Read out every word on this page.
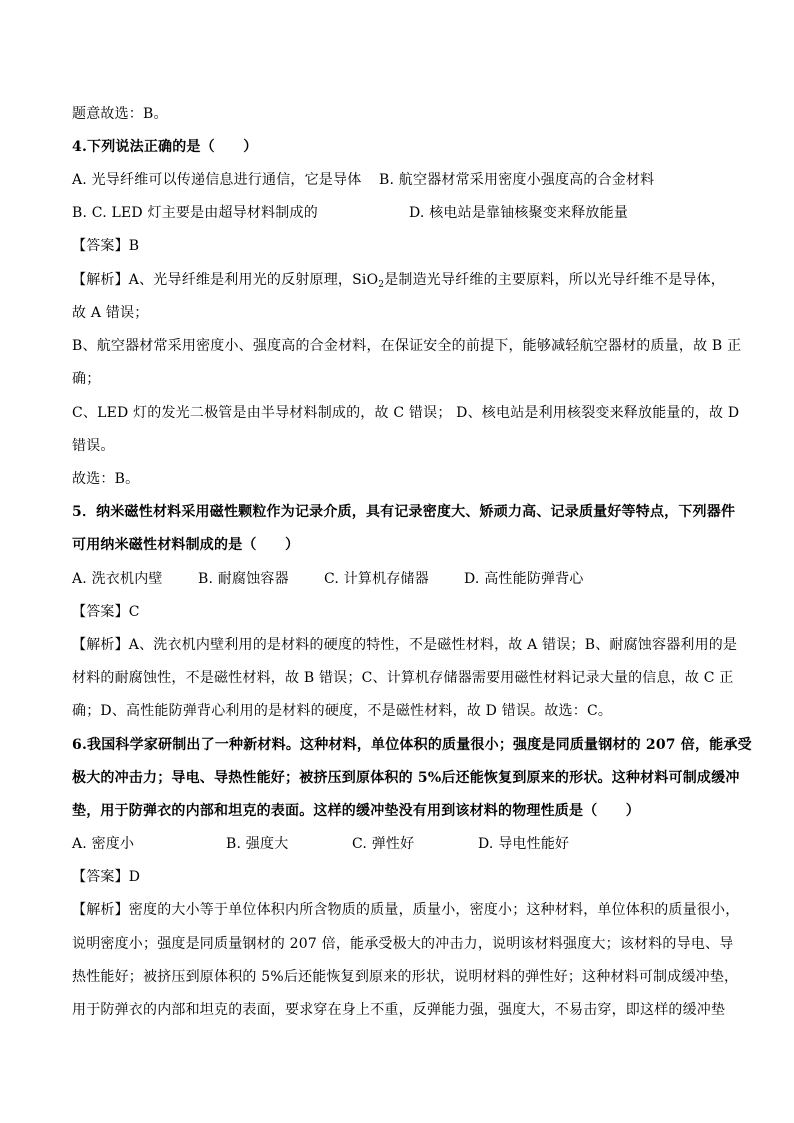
题意故选：B。
4.下列说法正确的是（　　）
A. 光导纤维可以传递信息进行通信，它是导体 B. 航空器材常采用密度小强度高的合金材料
B. C. LED 灯主要是由超导材料制成的	D. 核电站是靠铀核聚变来释放能量
【答案】B
【解析】A、光导纤维是利用光的反射原理，SiO$_2$是制造光导纤维的主要原料，所以光导纤维不是导体，
故 A 错误；
B、航空器材常采用密度小、强度高的合金材料，在保证安全的前提下，能够减轻航空器材的质量，故 B 正
确；
C、LED 灯的发光二极管是由半导材料制成的，故 C 错误； D、核电站是利用核裂变来释放能量的，故 D
错误。
故选：B。
5．纳米磁性材料采用磁性颗粒作为记录介质，具有记录密度大、矫顽力高、记录质量好等特点，下列器件
可用纳米磁性材料制成的是（　　）
A. 洗衣机内壁	B. 耐腐蚀容器	C. 计算机存储器	D. 高性能防弹背心
【答案】C
【解析】A、洗衣机内壁利用的是材料的硬度的特性，不是磁性材料，故 A 错误；B、耐腐蚀容器利用的是
材料的耐腐蚀性，不是磁性材料，故 B 错误；C、计算机存储器需要用磁性材料记录大量的信息，故 C 正
确；D、高性能防弹背心利用的是材料的硬度，不是磁性材料，故 D 错误。故选：C。
6.我国科学家研制出了一种新材料。这种材料，单位体积的质量很小；强度是同质量钢材的 207 倍，能承受
极大的冲击力；导电、导热性能好；被挤压到原体积的 5%后还能恢复到原来的形状。这种材料可制成缓冲
垫，用于防弹衣的内部和坦克的表面。这样的缓冲垫没有用到该材料的物理性质是（　　）
A. 密度小	B. 强度大	C. 弹性好	D. 导电性能好
【答案】D
【解析】密度的大小等于单位体积内所含物质的质量，质量小，密度小；这种材料，单位体积的质量很小，
说明密度小；强度是同质量钢材的 207 倍，能承受极大的冲击力，说明该材料强度大；该材料的导电、导
热性能好；被挤压到原体积的 5%后还能恢复到原来的形状，说明材料的弹性好；这种材料可制成缓冲垫，
用于防弹衣的内部和坦克的表面，要求穿在身上不重，反弹能力强，强度大，不易击穿，即这样的缓冲垫
